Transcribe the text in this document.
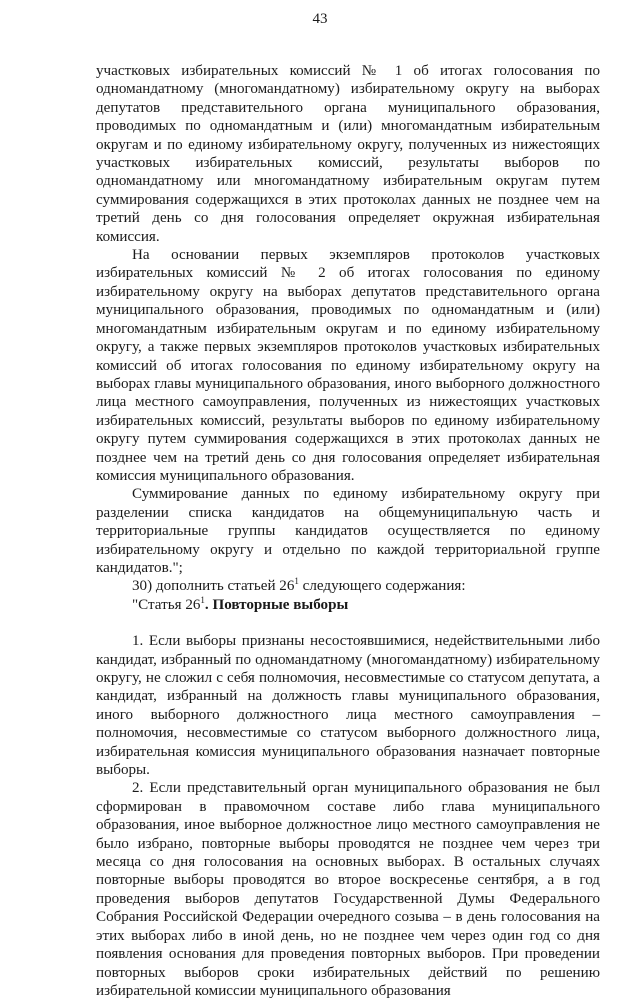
43

участковых избирательных комиссий № 1 об итогах голосования по одномандатному (многомандатному) избирательному округу на выборах депутатов представительного органа муниципального образования, проводимых по одномандатным и (или) многомандатным избирательным округам и по единому избирательному округу, полученных из нижестоящих участковых избирательных комиссий, результаты выборов по одномандатному или многомандатному избирательным округам путем суммирования содержащихся в этих протоколах данных не позднее чем на третий день со дня голосования определяет окружная избирательная комиссия.

На основании первых экземпляров протоколов участковых избирательных комиссий № 2 об итогах голосования по единому избирательному округу на выборах депутатов представительного органа муниципального образования, проводимых по одномандатным и (или) многомандатным избирательным округам и по единому избирательному округу, а также первых экземпляров протоколов участковых избирательных комиссий об итогах голосования по единому избирательному округу на выборах главы муниципального образования, иного выборного должностного лица местного самоуправления, полученных из нижестоящих участковых избирательных комиссий, результаты выборов по единому избирательному округу путем суммирования содержащихся в этих протоколах данных не позднее чем на третий день со дня голосования определяет избирательная комиссия муниципального образования.

Суммирование данных по единому избирательному округу при разделении списка кандидатов на общемуниципальную часть и территориальные группы кандидатов осуществляется по единому избирательному округу и отдельно по каждой территориальной группе кандидатов.";

30) дополнить статьей $26^1$ следующего содержания:

"Статья $26^1$. Повторные выборы

1. Если выборы признаны несостоявшимися, недействительными либо кандидат, избранный по одномандатному (многомандатному) избирательному округу, не сложил с себя полномочия, несовместимые со статусом депутата, а кандидат, избранный на должность главы муниципального образования, иного выборного должностного лица местного самоуправления – полномочия, несовместимые со статусом выборного должностного лица, избирательная комиссия муниципального образования назначает повторные выборы.

2. Если представительный орган муниципального образования не был сформирован в правомочном составе либо глава муниципального образования, иное выборное должностное лицо местного самоуправления не было избрано, повторные выборы проводятся не позднее чем через три месяца со дня голосования на основных выборах. В остальных случаях повторные выборы проводятся во второе воскресенье сентября, а в год проведения выборов депутатов Государственной Думы Федерального Собрания Российской Федерации очередного созыва – в день голосования на этих выборах либо в иной день, но не позднее чем через один год со дня появления основания для проведения повторных выборов. При проведении повторных выборов сроки избирательных действий по решению избирательной комиссии муниципального образования
